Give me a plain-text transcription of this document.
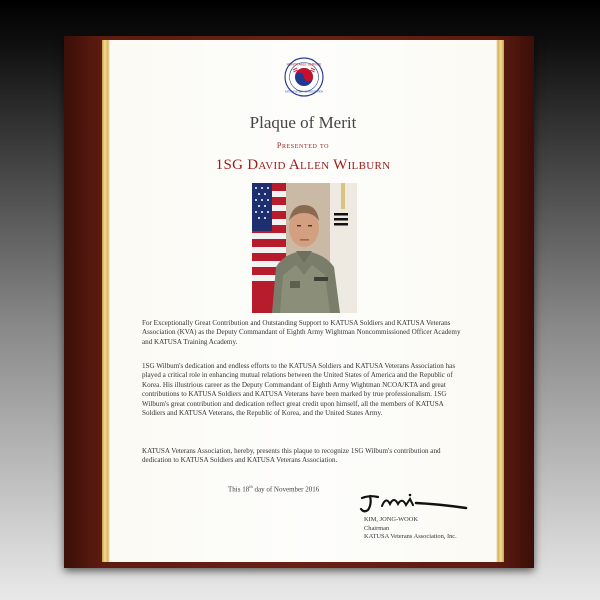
HONORABLE SERVICE
KATUSA VETERANS ASSOCIATION

Plaque of Merit

Presented to

1SG David Allen Wilburn

For Exceptionally Great Contribution and Outstanding Support to KATUSA Soldiers and KATUSA Veterans Association (KVA) as the Deputy Commandant of Eighth Army Wightman Noncommissioned Officer Academy and KATUSA Training Academy.

1SG Wilbum's dedication and endless efforts to the KATUSA Soldiers and KATUSA Veterans Association has played a critical role in enhancing mutual relations between the United States of America and the Republic of Korea. His illustrious career as the Deputy Commandant of Eighth Army Wightman NCOA/KTA and great contributions to KATUSA Soldiers and KATUSA Veterans have been marked by true professionalism. 1SG Wilbum's great contribution and dedication reflect great credit upon himself, all the members of KATUSA Soldiers and KATUSA Veterans, the Republic of Korea, and the United States Army.

KATUSA Veterans Association, hereby, presents this plaque to recognize 1SG Wilbum's contribution and dedication to KATUSA Soldiers and KATUSA Veterans Association.

This 18th day of November 2016

KIM, JONG-WOOK
Chairman
KATUSA Veterans Association, Inc.
